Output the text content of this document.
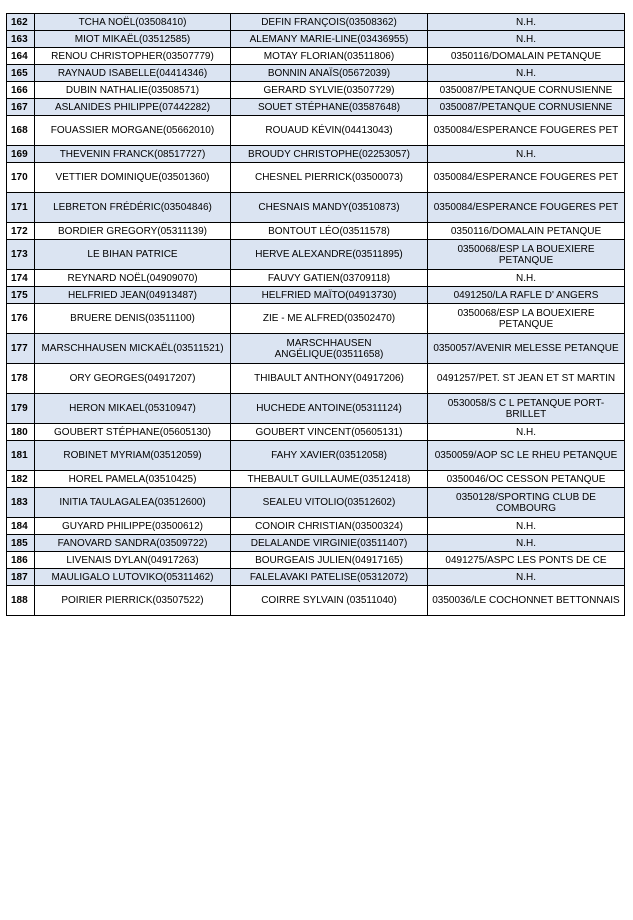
162	TCHA NOËL(03508410)	DEFIN FRANÇOIS(03508362)	N.H.
163	MIOT MIKAËL(03512585)	ALEMANY MARIE-LINE(03436955)	N.H.
164	RENOU CHRISTOPHER(03507779)	MOTAY FLORIAN(03511806)	0350116/DOMALAIN PETANQUE
165	RAYNAUD ISABELLE(04414346)	BONNIN ANAÏS(05672039)	N.H.
166	DUBIN NATHALIE(03508571)	GERARD SYLVIE(03507729)	0350087/PETANQUE CORNUSIENNE
167	ASLANIDES PHILIPPE(07442282)	SOUET STÉPHANE(03587648)	0350087/PETANQUE CORNUSIENNE
168	FOUASSIER MORGANE(05662010)	ROUAUD KÉVIN(04413043)	0350084/ESPERANCE FOUGERES PET
169	THEVENIN FRANCK(08517727)	BROUDY CHRISTOPHE(02253057)	N.H.
170	VETTIER DOMINIQUE(03501360)	CHESNEL PIERRICK(03500073)	0350084/ESPERANCE FOUGERES PET
171	LEBRETON FRÉDÉRIC(03504846)	CHESNAIS MANDY(03510873)	0350084/ESPERANCE FOUGERES PET
172	BORDIER GREGORY(05311139)	BONTOUT LÉO(03511578)	0350116/DOMALAIN PETANQUE
173	LE BIHAN PATRICE	HERVE ALEXANDRE(03511895)	0350068/ESP LA BOUEXIERE PETANQUE
174	REYNARD NOËL(04909070)	FAUVY GATIEN(03709118)	N.H.
175	HELFRIED JEAN(04913487)	HELFRIED MAÏTO(04913730)	0491250/LA RAFLE D' ANGERS
176	BRUERE DENIS(03511100)	ZIE - ME ALFRED(03502470)	0350068/ESP LA BOUEXIERE PETANQUE
177	MARSCHHAUSEN MICKAËL(03511521)	MARSCHHAUSEN ANGÉLIQUE(03511658)	0350057/AVENIR MELESSE PETANQUE
178	ORY GEORGES(04917207)	THIBAULT ANTHONY(04917206)	0491257/PET. ST JEAN ET ST MARTIN
179	HERON MIKAEL(05310947)	HUCHEDE ANTOINE(05311124)	0530058/S C L PETANQUE PORT-BRILLET
180	GOUBERT STÉPHANE(05605130)	GOUBERT VINCENT(05605131)	N.H.
181	ROBINET MYRIAM(03512059)	FAHY XAVIER(03512058)	0350059/AOP SC LE RHEU PETANQUE
182	HOREL PAMELA(03510425)	THEBAULT GUILLAUME(03512418)	0350046/OC CESSON PETANQUE
183	INITIA TAULAGALEA(03512600)	SEALEU VITOLIO(03512602)	0350128/SPORTING CLUB DE COMBOURG
184	GUYARD PHILIPPE(03500612)	CONOIR CHRISTIAN(03500324)	N.H.
185	FANOVARD SANDRA(03509722)	DELALANDE VIRGINIE(03511407)	N.H.
186	LIVENAIS DYLAN(04917263)	BOURGEAIS JULIEN(04917165)	0491275/ASPC LES PONTS DE CE
187	MAULIGALO LUTOVIKO(05311462)	FALELAVAKI PATELISE(05312072)	N.H.
188	POIRIER PIERRICK(03507522)	COIRRE SYLVAIN (03511040)	0350036/LE COCHONNET BETTONNAIS
